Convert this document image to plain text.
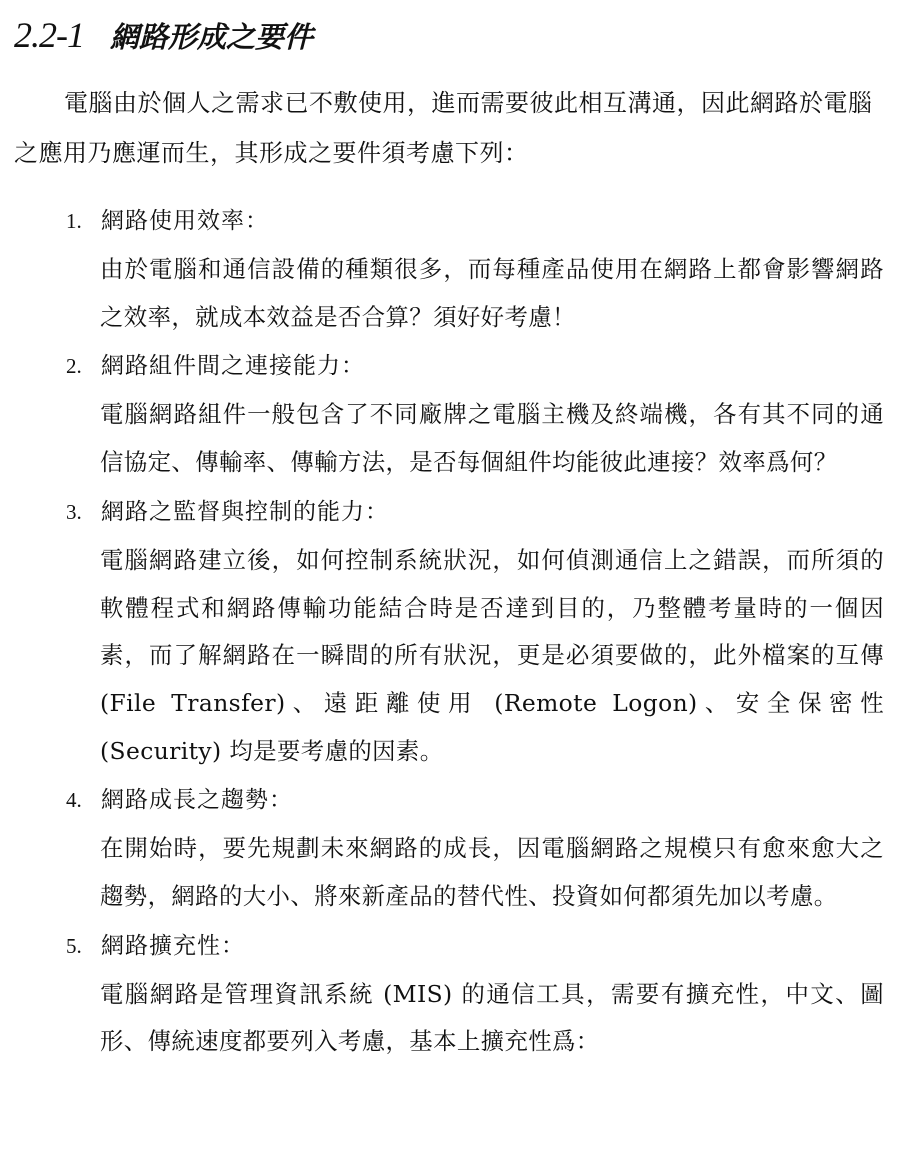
2.2-1 網路形成之要件

電腦由於個人之需求已不敷使用，進而需要彼此相互溝通，因此網路於電腦之應用乃應運而生，其形成之要件須考慮下列：

1. 網路使用效率：

由於電腦和通信設備的種類很多，而每種產品使用在網路上都會影響網路之效率，就成本效益是否合算？須好好考慮！

2. 網路組件間之連接能力：

電腦網路組件一般包含了不同廠牌之電腦主機及終端機，各有其不同的通信協定、傳輸率、傳輸方法，是否每個組件均能彼此連接？效率爲何？

3. 網路之監督與控制的能力：

電腦網路建立後，如何控制系統狀況，如何偵測通信上之錯誤，而所須的軟體程式和網路傳輸功能結合時是否達到目的，乃整體考量時的一個因素，而了解網路在一瞬間的所有狀況，更是必須要做的，此外檔案的互傳 (File Transfer)、遠距離使用 (Remote Logon)、安全保密性 (Security) 均是要考慮的因素。

4. 網路成長之趨勢：

在開始時，要先規劃未來網路的成長，因電腦網路之規模只有愈來愈大之趨勢，網路的大小、將來新產品的替代性、投資如何都須先加以考慮。

5. 網路擴充性：

電腦網路是管理資訊系統 (MIS) 的通信工具，需要有擴充性，中文、圖形、傳統速度都要列入考慮，基本上擴充性爲：
